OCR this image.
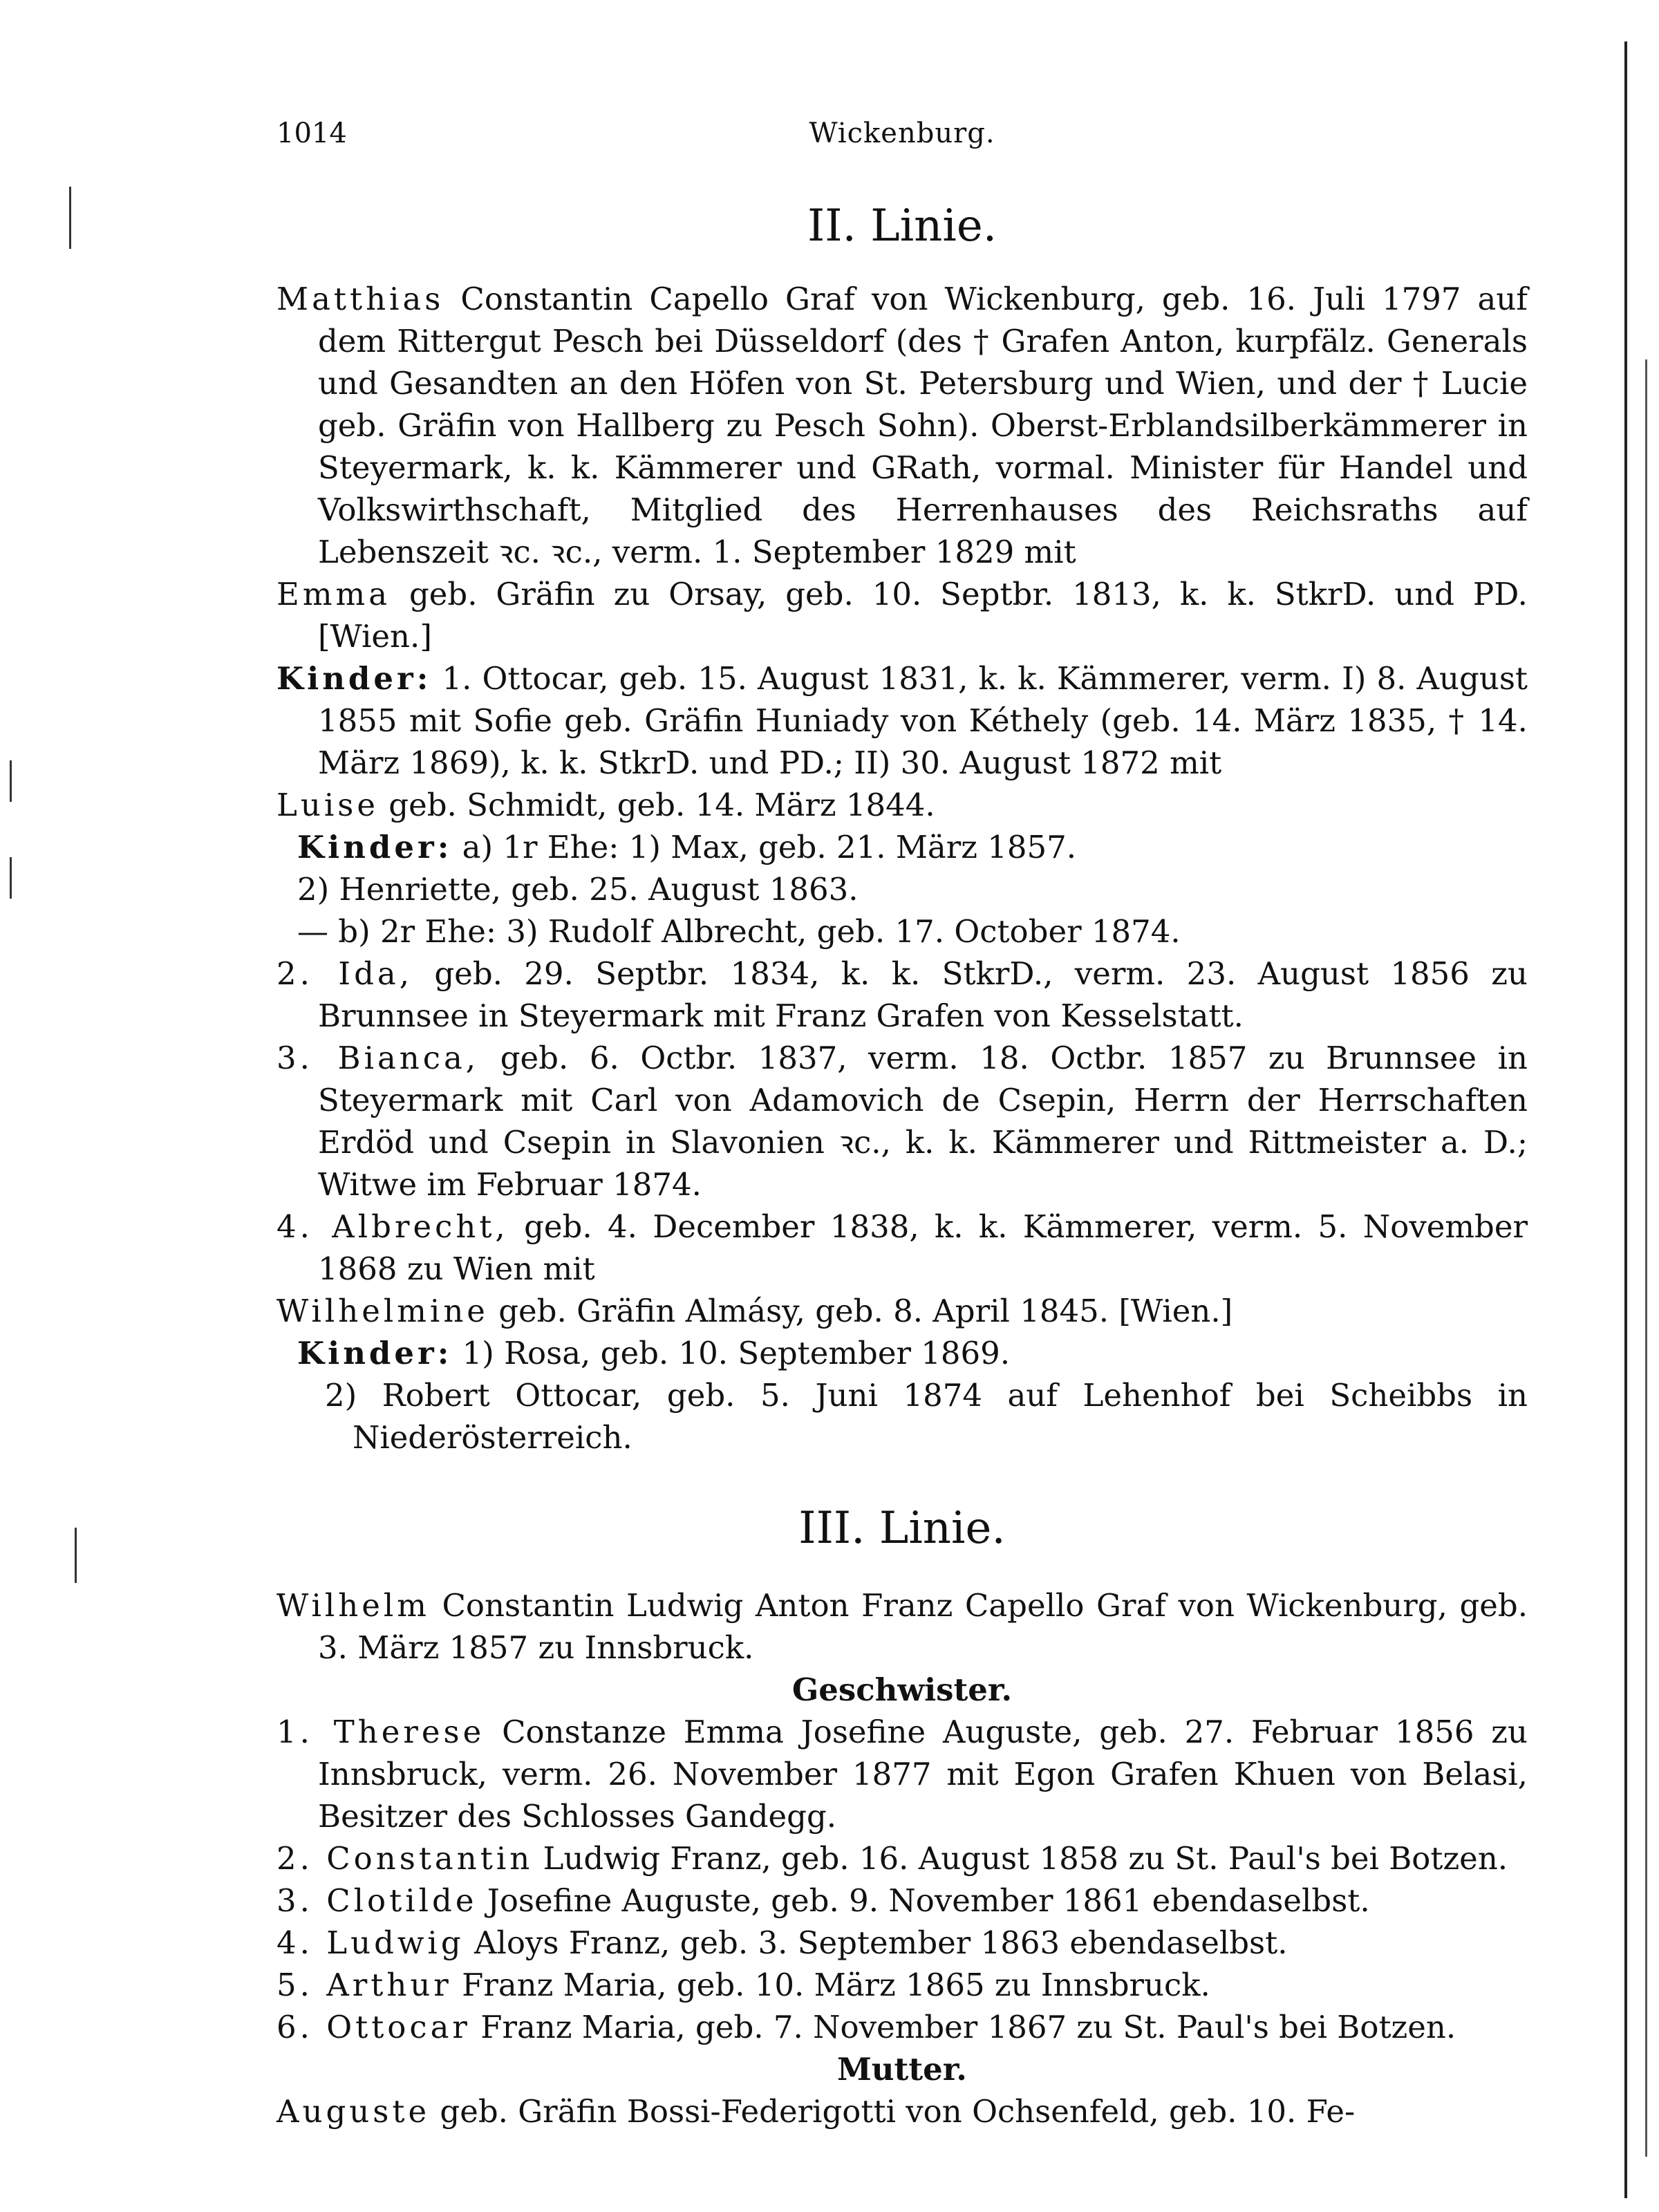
1014	Wickenburg.
II. Linie.

Matthias Constantin Capello Graf von Wickenburg, geb. 16. Juli 1797 auf dem Rittergut Pesch bei Düsseldorf (des † Grafen Anton, kurpfälz. Generals und Gesandten an den Höfen von St. Petersburg und Wien, und der † Lucie geb. Gräfin von Hallberg zu Pesch Sohn). Oberst-Erblandsilberkämmerer in Steyermark, k. k. Kämmerer und GRath, vormal. Minister für Handel und Volkswirthschaft, Mitglied des Herrenhauses des Reichsraths auf Lebenszeit ꝛc. ꝛc., verm. 1. September 1829 mit

Emma geb. Gräfin zu Orsay, geb. 10. Septbr. 1813, k. k. StkrD. und PD. [Wien.]

Kinder: 1. Ottocar, geb. 15. August 1831, k. k. Kämmerer, verm. I) 8. August 1855 mit Sofie geb. Gräfin Huniady von Kéthely (geb. 14. März 1835, † 14. März 1869), k. k. StkrD. und PD.; II) 30. August 1872 mit

Luise geb. Schmidt, geb. 14. März 1844.

Kinder: a) 1r Ehe: 1) Max, geb. 21. März 1857.

2) Henriette, geb. 25. August 1863.

— b) 2r Ehe: 3) Rudolf Albrecht, geb. 17. October 1874.

2. Ida, geb. 29. Septbr. 1834, k. k. StkrD., verm. 23. August 1856 zu Brunnsee in Steyermark mit Franz Grafen von Kesselstatt.

3. Bianca, geb. 6. Octbr. 1837, verm. 18. Octbr. 1857 zu Brunnsee in Steyermark mit Carl von Adamovich de Csepin, Herrn der Herrschaften Erdöd und Csepin in Slavonien ꝛc., k. k. Kämmerer und Rittmeister a. D.; Witwe im Februar 1874.

4. Albrecht, geb. 4. December 1838, k. k. Kämmerer, verm. 5. November 1868 zu Wien mit

Wilhelmine geb. Gräfin Almásy, geb. 8. April 1845. [Wien.]

Kinder: 1) Rosa, geb. 10. September 1869.

2) Robert Ottocar, geb. 5. Juni 1874 auf Lehenhof bei Scheibbs in Niederösterreich.

III. Linie.

Wilhelm Constantin Ludwig Anton Franz Capello Graf von Wickenburg, geb. 3. März 1857 zu Innsbruck.

Geschwister.

1. Therese Constanze Emma Josefine Auguste, geb. 27. Februar 1856 zu Innsbruck, verm. 26. November 1877 mit Egon Grafen Khuen von Belasi, Besitzer des Schlosses Gandegg.

2. Constantin Ludwig Franz, geb. 16. August 1858 zu St. Paul's bei Botzen.

3. Clotilde Josefine Auguste, geb. 9. November 1861 ebendaselbst.

4. Ludwig Aloys Franz, geb. 3. September 1863 ebendaselbst.

5. Arthur Franz Maria, geb. 10. März 1865 zu Innsbruck.

6. Ottocar Franz Maria, geb. 7. November 1867 zu St. Paul's bei Botzen.

Mutter.

Auguste geb. Gräfin Bossi-Federigotti von Ochsenfeld, geb. 10. Fe-
